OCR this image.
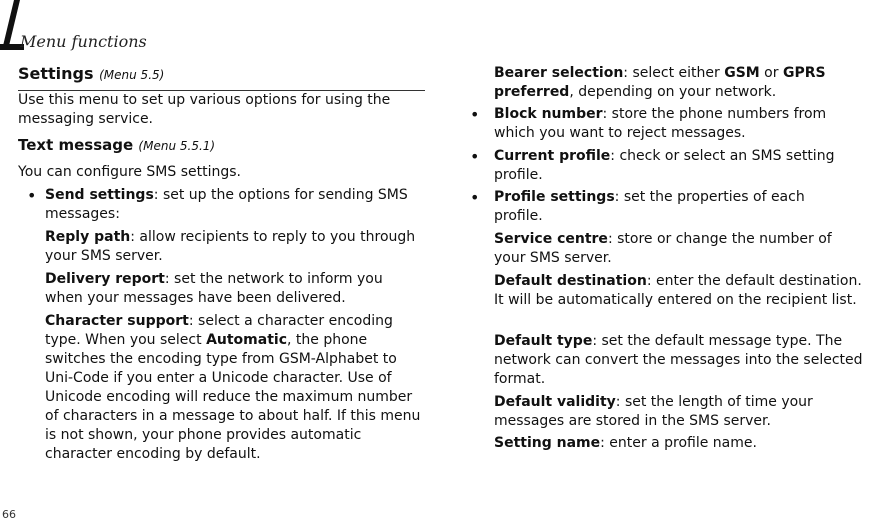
Menu functions
Settings (Menu 5.5)
Use this menu to set up various options for using the messaging service.
Text message (Menu 5.5.1)
You can configure SMS settings.
• Send settings: set up the options for sending SMS messages:
Reply path: allow recipients to reply to you through your SMS server.
Delivery report: set the network to inform you when your messages have been delivered.
Character support: select a character encoding type. When you select Automatic, the phone switches the encoding type from GSM-Alphabet to Uni-Code if you enter a Unicode character. Use of Unicode encoding will reduce the maximum number of characters in a message to about half. If this menu is not shown, your phone provides automatic character encoding by default.
Bearer selection: select either GSM or GPRS preferred, depending on your network.
• Block number: store the phone numbers from which you want to reject messages.
• Current profile: check or select an SMS setting profile.
• Profile settings: set the properties of each profile.
Service centre: store or change the number of your SMS server.
Default destination: enter the default destination. It will be automatically entered on the recipient list.
Default type: set the default message type. The network can convert the messages into the selected format.
Default validity: set the length of time your messages are stored in the SMS server.
Setting name: enter a profile name.
66
